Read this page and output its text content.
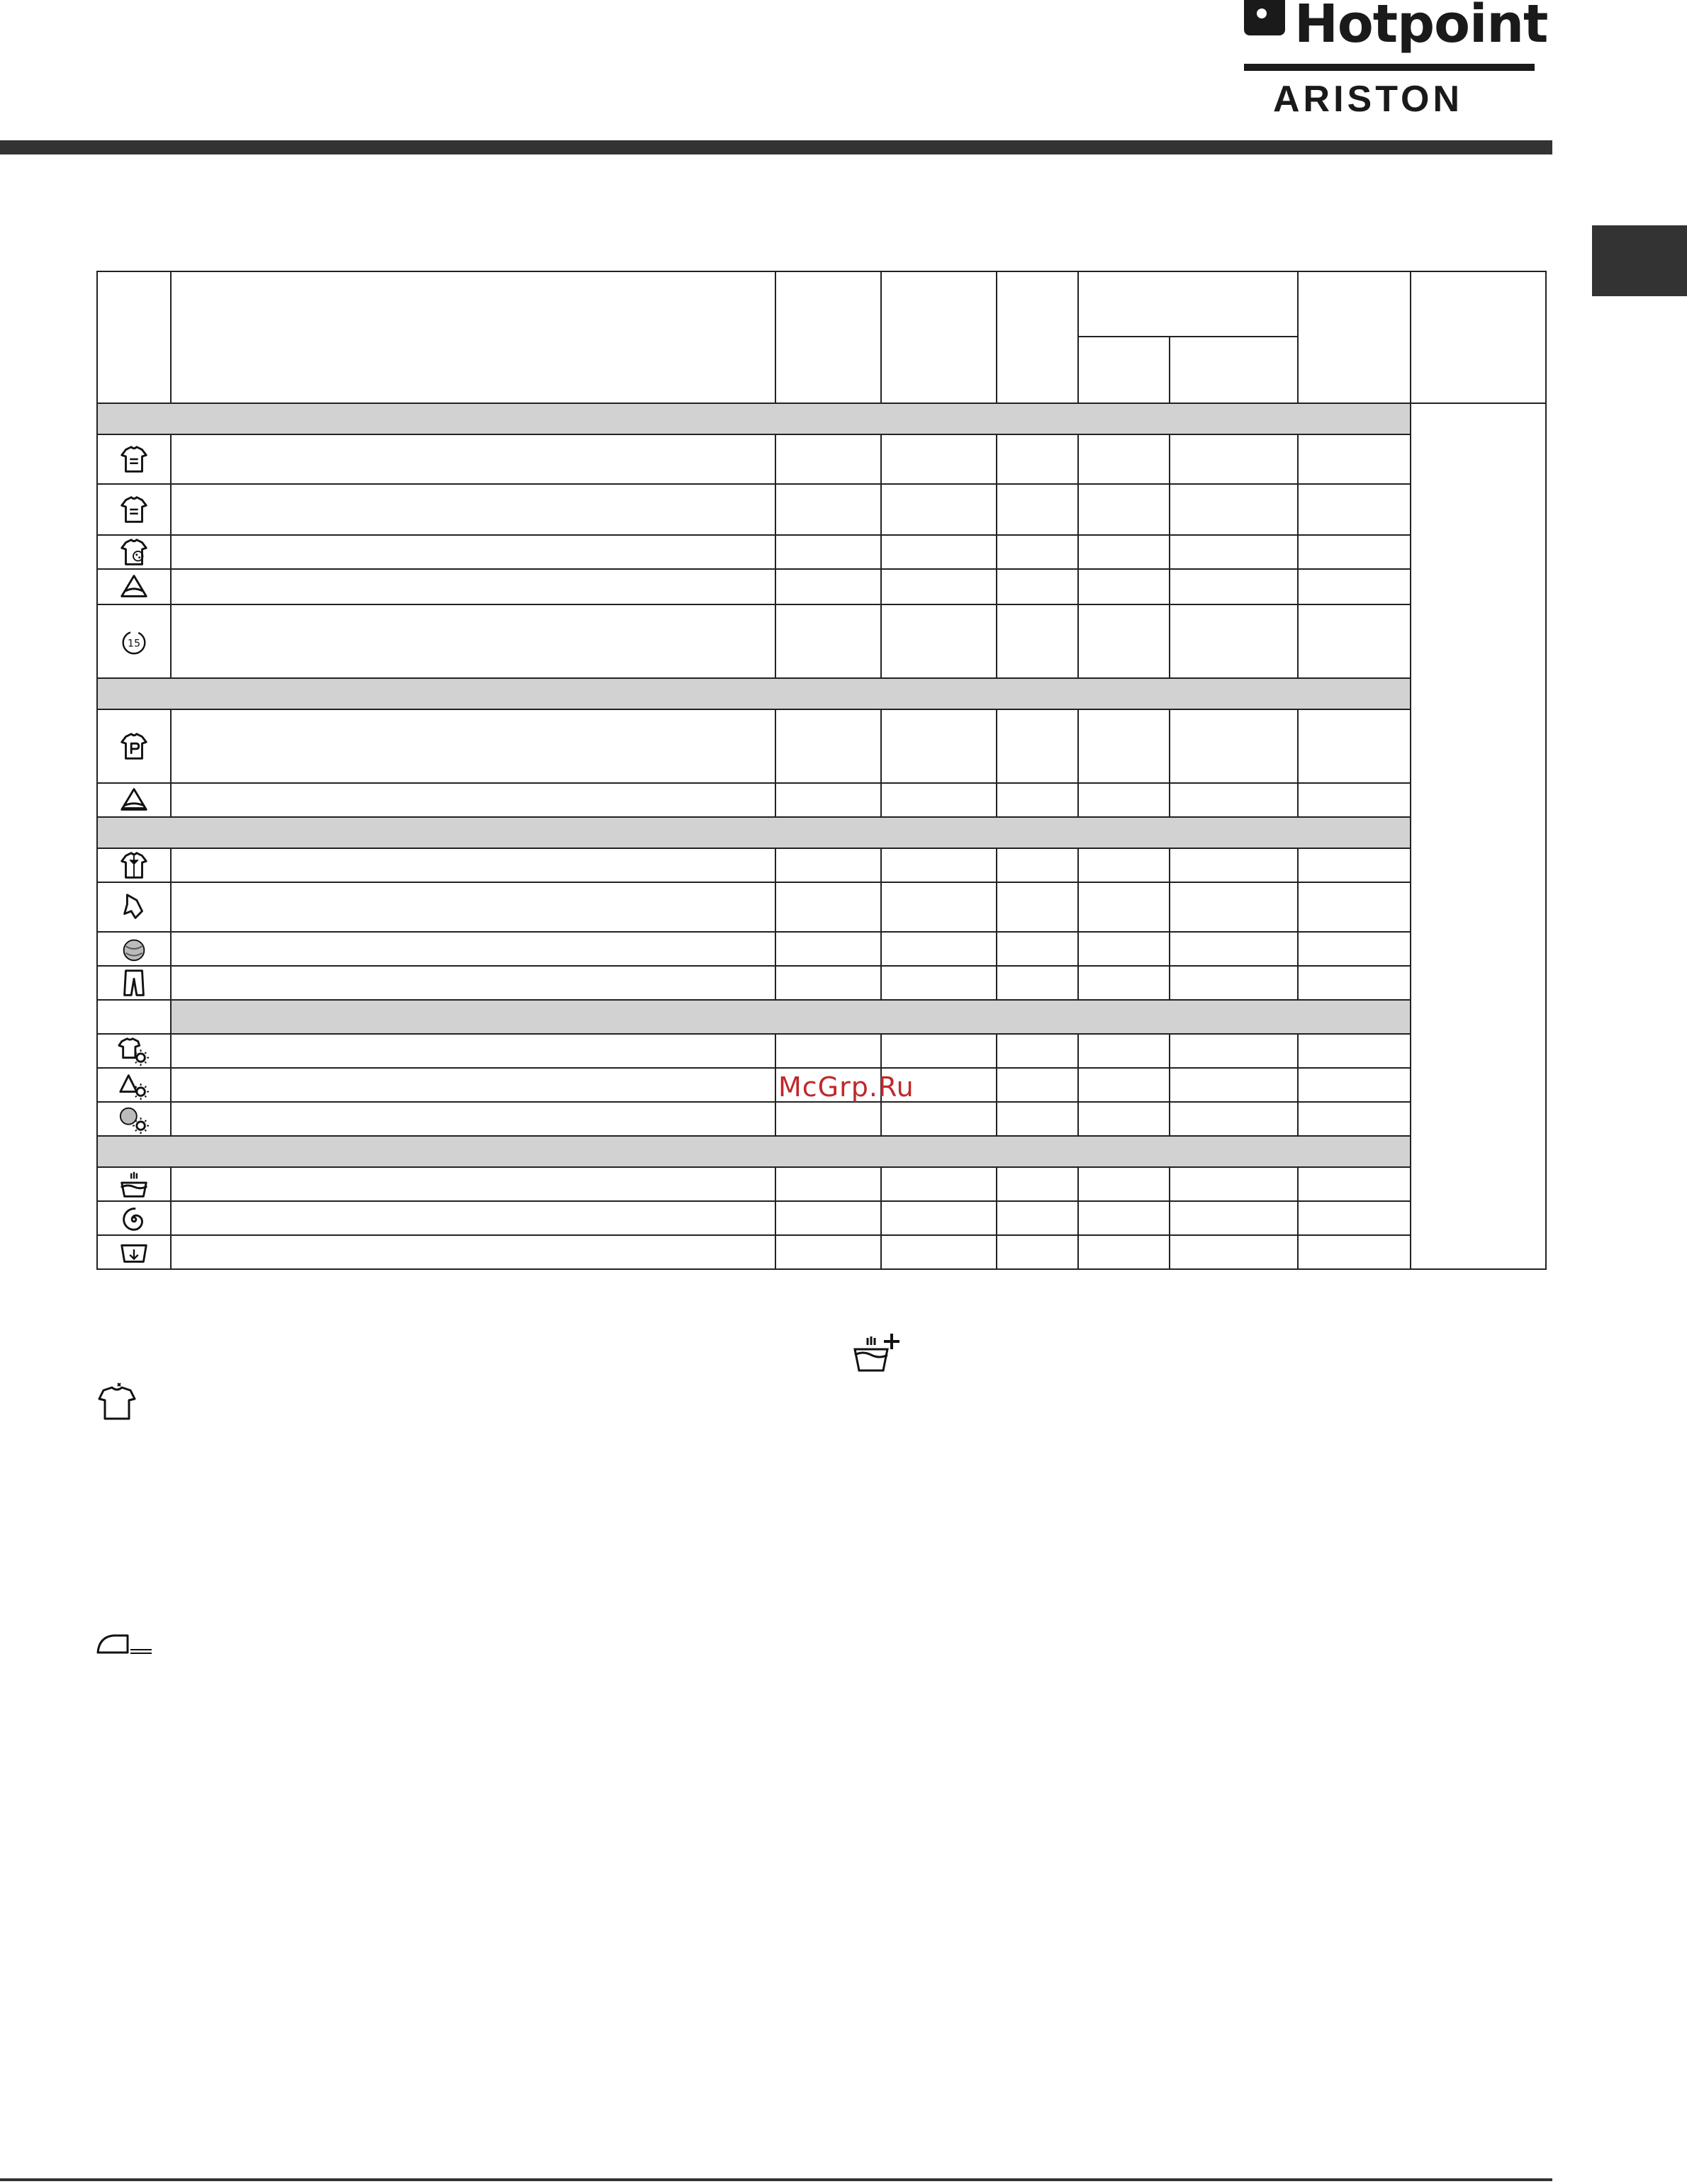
Hotpoint
ARISTON

15								

McGrp.Ru
